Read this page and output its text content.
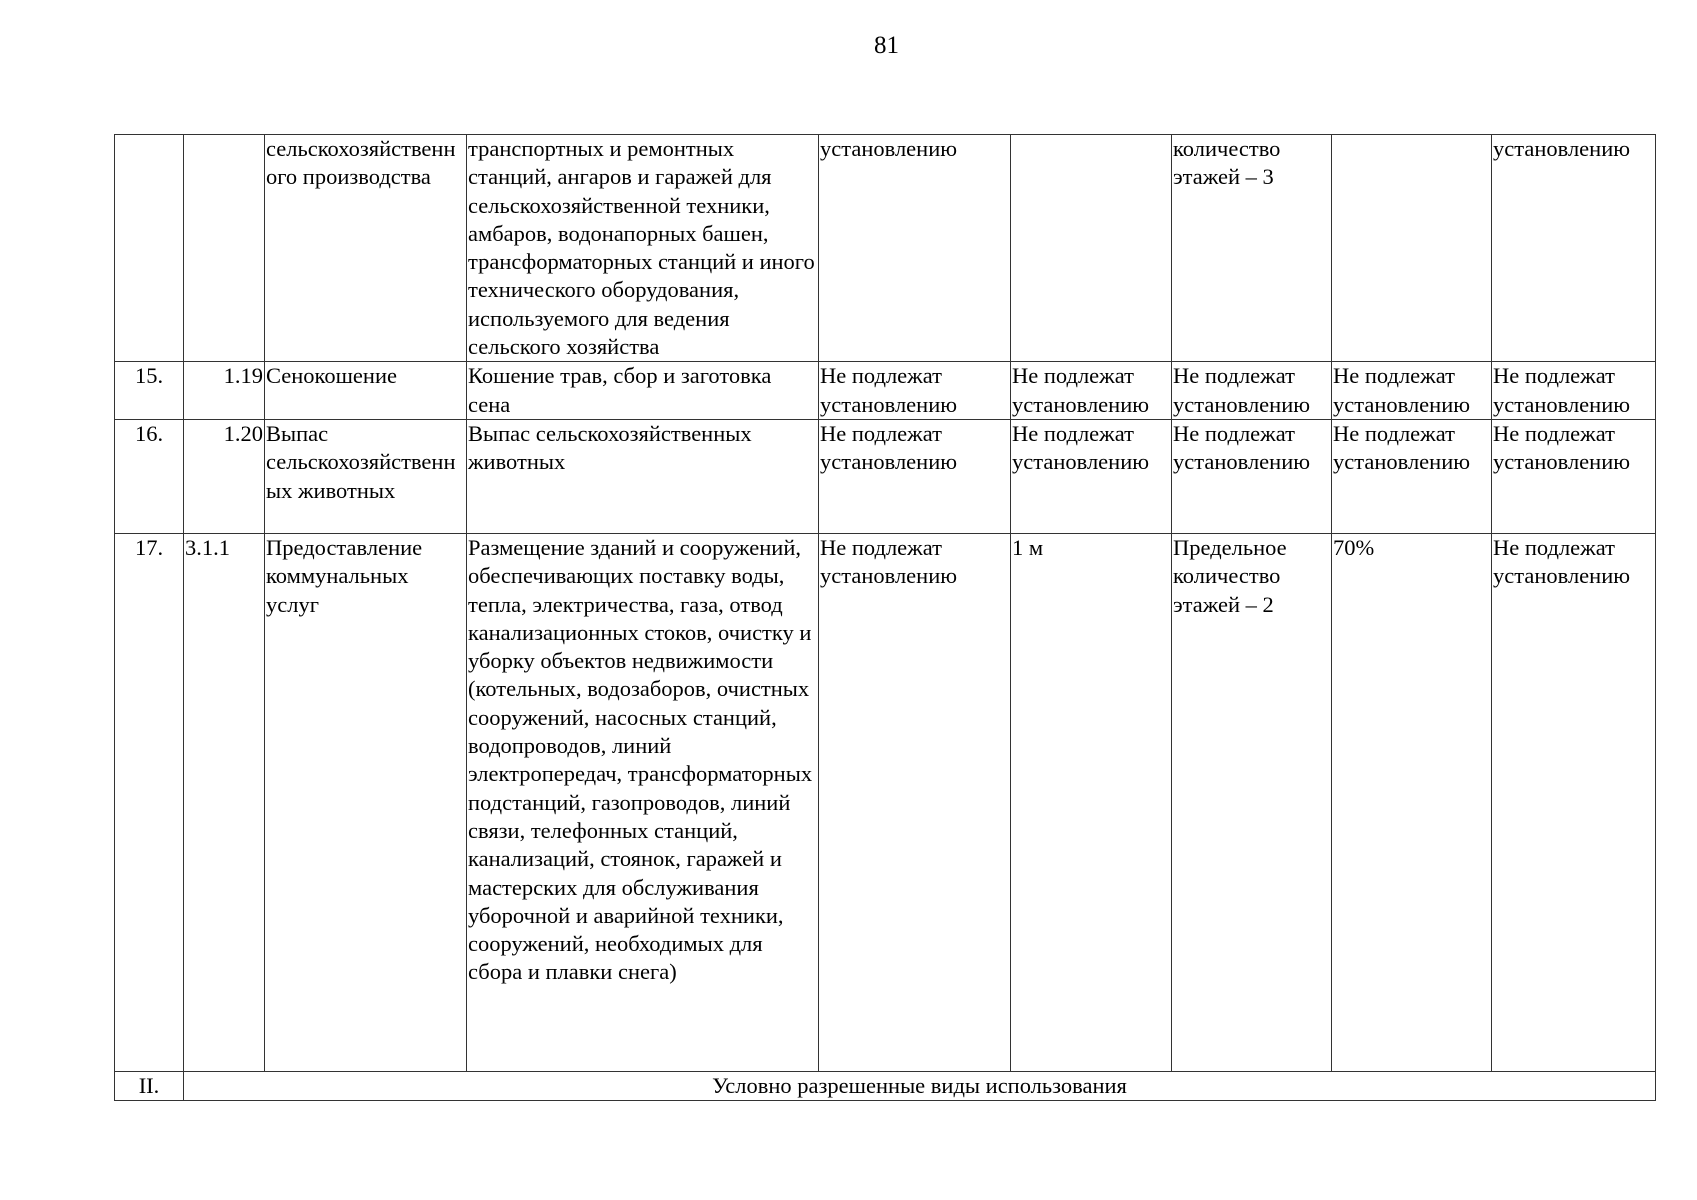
81
		сельскохозяйственного производства	транспортных и ремонтных станций, ангаров и гаражей для сельскохозяйственной техники, амбаров, водонапорных башен, трансформаторных станций и иного технического оборудования, используемого для ведения сельского хозяйства	установлению		количество этажей – 3		установлению
15.	1.19	Сенокошение	Кошение трав, сбор и заготовка сена	Не подлежат установлению	Не подлежат установлению	Не подлежат установлению	Не подлежат установлению	Не подлежат установлению
16.	1.20	Выпас сельскохозяйственных животных	Выпас сельскохозяйственных животных	Не подлежат установлению	Не подлежат установлению	Не подлежат установлению	Не подлежат установлению	Не подлежат установлению
17.	3.1.1	Предоставление коммунальных услуг	Размещение зданий и сооружений, обеспечивающих поставку воды, тепла, электричества, газа, отвод канализационных стоков, очистку и уборку объектов недвижимости (котельных, водозаборов, очистных сооружений, насосных станций, водопроводов, линий электропередач, трансформаторных подстанций, газопроводов, линий связи, телефонных станций, канализаций, стоянок, гаражей и мастерских для обслуживания уборочной и аварийной техники, сооружений, необходимых для сбора и плавки снега)	Не подлежат установлению	1 м	Предельное количество этажей – 2	70%	Не подлежат установлению
II.	Условно разрешенные виды использования							
